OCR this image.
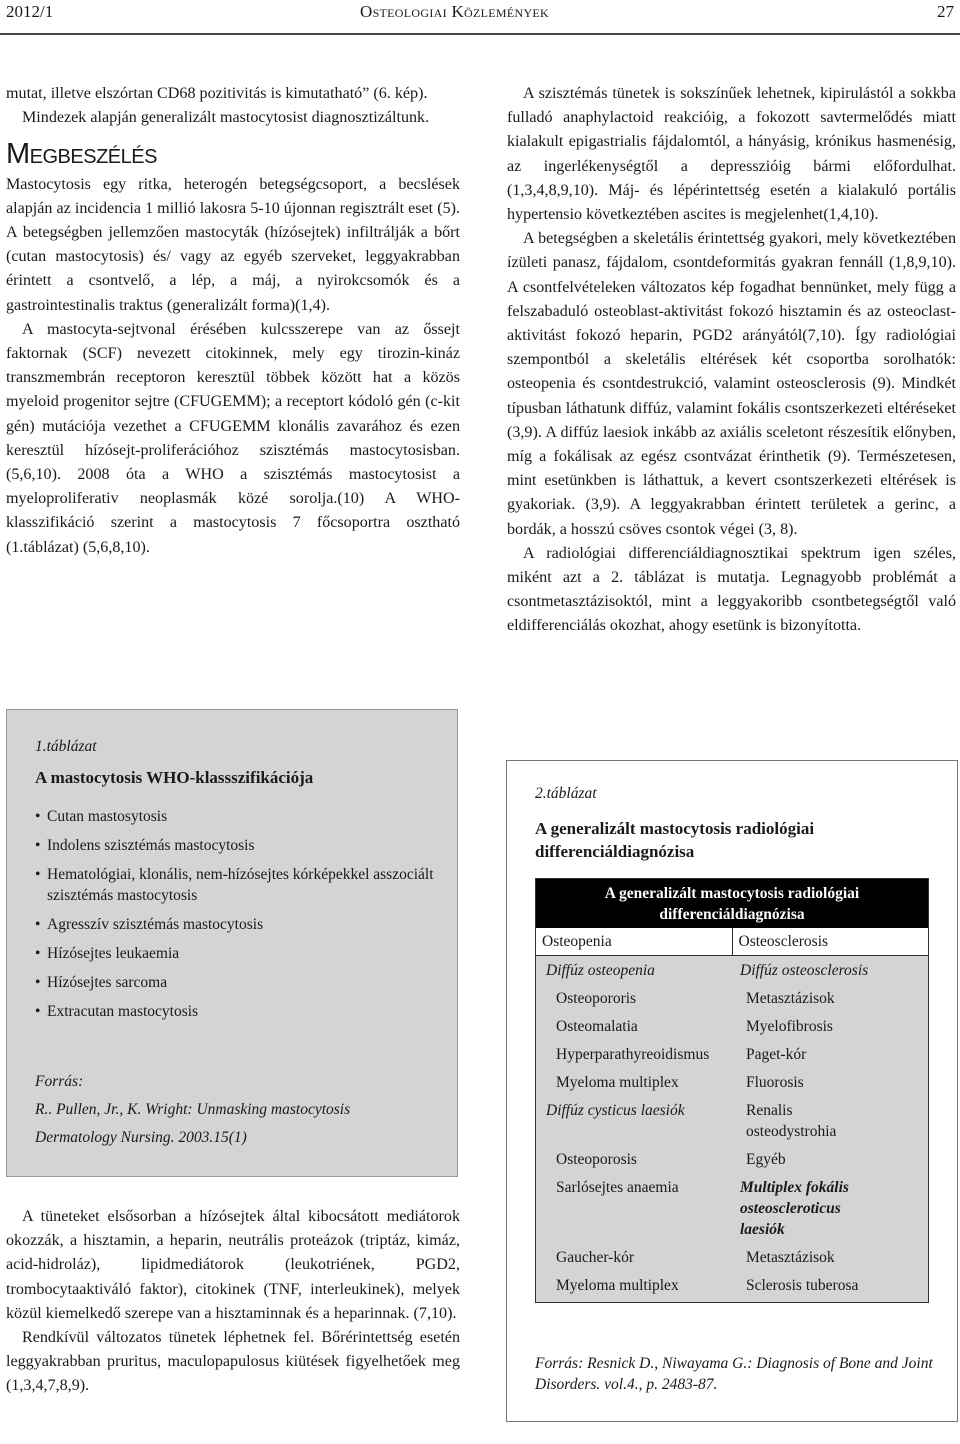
2012/1	Osteologiai Közlemények	27

mutat, illetve elszórtan CD68 pozitivitás is kimutatható” (6. kép).

Mindezek alapján generalizált mastocytosist diagnosztizáltunk.

Megbeszélés

Mastocytosis egy ritka, heterogén betegségcsoport, a becslések alapján az incidencia 1 millió lakosra 5-10 újonnan regisztrált eset (5). A betegségben jellemzően mastocyták (hízósejtek) infiltrálják a bőrt (cutan mastocytosis) és/ vagy az egyéb szerveket, leggyakrabban érintett a csontvelő, a lép, a máj, a nyirokcsomók és a gastrointestinalis traktus (generalizált forma)(1,4).

A mastocyta-sejtvonal érésében kulcsszerepe van az őssejt faktornak (SCF) nevezett citokinnek, mely egy tirozin-kináz transzmembrán receptoron keresztül többek között hat a közös myeloid progenitor sejtre (CFUGEMM); a receptort kódoló gén (c-kit gén) mutációja vezethet a CFUGEMM klonális zavarához és ezen keresztül hízósejt-proliferációhoz szisztémás mastocytosisban. (5,6,10). 2008 óta a WHO a szisztémás mastocytosist a myeloproliferativ neoplasmák közé sorolja.(10) A WHO-klasszifikáció szerint a mastocytosis 7 főcsoportra osztható (1.táblázat) (5,6,8,10).

1.táblázat
A mastocytosis WHO-klassszifikációja
• Cutan mastosytosis
• Indolens szisztémás mastocytosis
• Hematológiai, klonális, nem-hízósejtes kórképekkel asszociált szisztémás mastocytosis
• Agresszív szisztémás mastocytosis
• Hízósejtes leukaemia
• Hízósejtes sarcoma
• Extracutan mastocytosis
Forrás:
R.. Pullen, Jr., K. Wright: Unmasking mastocytosis
Dermatology Nursing. 2003.15(1)

A tüneteket elsősorban a hízósejtek által kibocsátott mediátorok okozzák, a hisztamin, a heparin, neutrális proteázok (triptáz, kimáz, acid-hidroláz), lipidmediátorok (leukotriének, PGD2, trombocytaaktiváló faktor), citokinek (TNF, interleukinek), melyek közül kiemelkedő szerepe van a hisztaminnak és a heparinnak. (7,10).

Rendkívül változatos tünetek léphetnek fel. Bőrérintettség esetén leggyakrabban pruritus, maculopapulosus kiütések figyelhetőek meg (1,3,4,7,8,9).

A szisztémás tünetek is sokszínűek lehetnek, kipirulástól a sokkba fulladó anaphylactoid reakcióig, a fokozott savtermelődés miatt kialakult epigastrialis fájdalomtól, a hányásig, krónikus hasmenésig, az ingerlékenységtől a depresszióig bármi előfordulhat. (1,3,4,8,9,10). Máj- és lépérintettség esetén a kialakuló portális hypertensio következtében ascites is megjelenhet(1,4,10).

A betegségben a skeletális érintettség gyakori, mely következtében ízületi panasz, fájdalom, csontdeformitás gyakran fennáll (1,8,9,10). A csontfelvételeken változatos kép fogadhat bennünket, mely függ a felszabaduló osteoblast-aktivitást fokozó hisztamin és az osteoclast-aktivitást fokozó heparin, PGD2 arányától(7,10). Így radiológiai szempontból a skeletális eltérések két csoportba sorolhatók: osteopenia és csontdestrukció, valamint osteosclerosis (9). Mindkét típusban láthatunk diffúz, valamint fokális csontszerkezeti eltéréseket (3,9). A diffúz laesiok inkább az axiális sceletont részesítik előnyben, míg a fokálisak az egész csontvázat érinthetik (9). Természetesen, mint esetünkben is láthattuk, a kevert csontszerkezeti eltérések is gyakoriak. (3,9). A leggyakrabban érintett területek a gerinc, a bordák, a hosszú csöves csontok végei (3, 8).

A radiológiai differenciáldiagnosztikai spektrum igen széles, miként azt a 2. táblázat is mutatja. Legnagyobb problémát a csontmetasztázisoktól, mint a leggyakoribb csontbetegségtől való eldifferenciálás okozhat, ahogy esetünk is bizonyította.

2.táblázat
A generalizált mastocytosis radiológiai differenciáldiagnózisa
A generalizált mastocytosis radiológiai differenciáldiagnózisa
Osteopenia	Osteosclerosis
Diffúz osteopenia	Diffúz osteosclerosis
Osteopororis	Metasztázisok
Osteomalatia	Myelofibrosis

Hyperparathyreoidismus	Paget-kór
Myeloma multiplex	Fluorosis
Diffúz cysticus laesiók	Renalis osteodystrohia

Osteoporosis	Egyéb
Sarlósejtes anaemia	Multiplex fokális osteoscleroticus laesiók

Gaucher-kór	Metasztázisok
Myeloma multiplex	Sclerosis tuberosa
Forrás: Resnick D., Niwayama G.: Diagnosis of Bone and Joint Disorders. vol.4., p. 2483-87.
